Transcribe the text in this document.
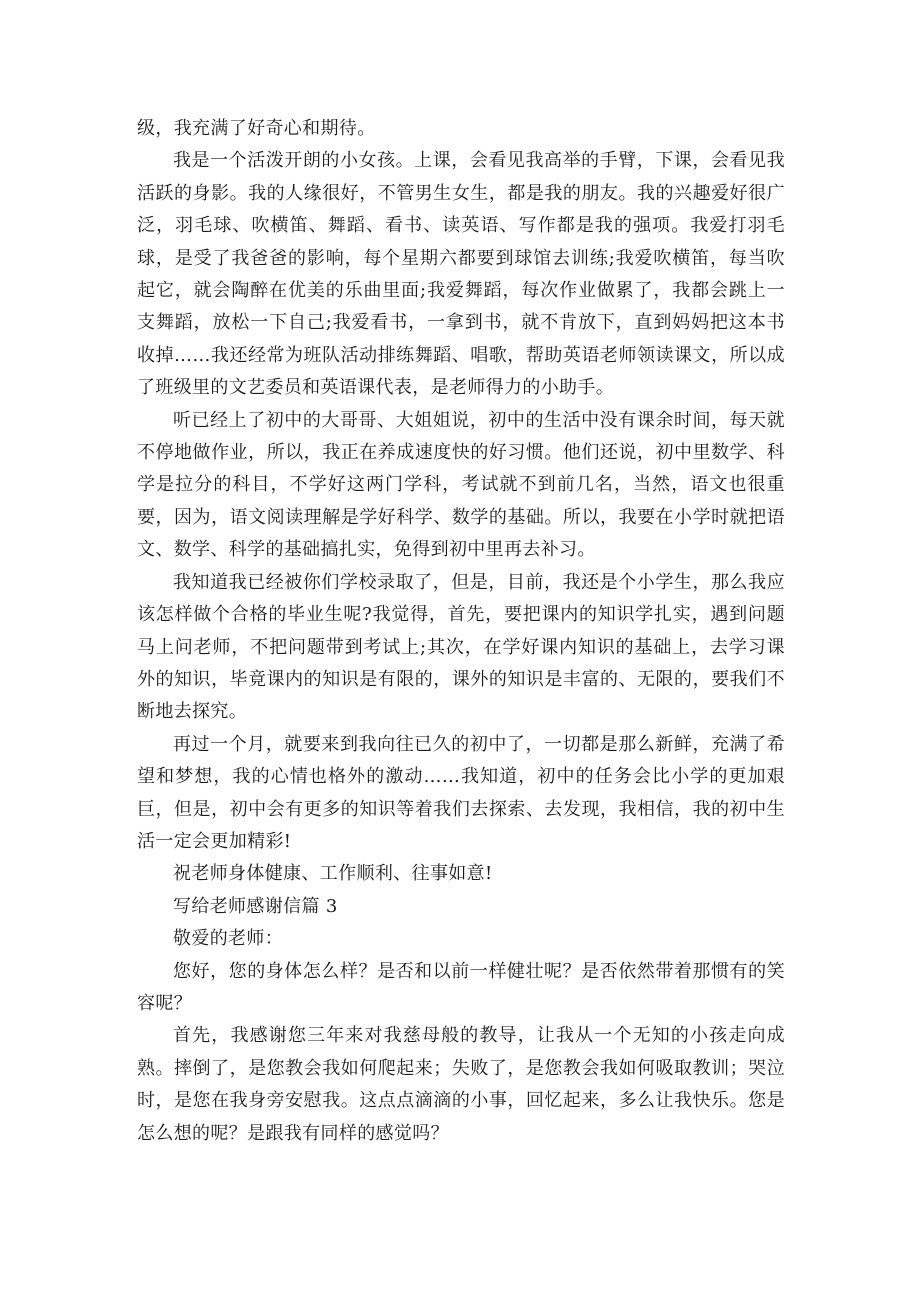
级，我充满了好奇心和期待。

我是一个活泼开朗的小女孩。上课，会看见我高举的手臂，下课，会看见我活跃的身影。我的人缘很好，不管男生女生，都是我的朋友。我的兴趣爱好很广泛，羽毛球、吹横笛、舞蹈、看书、读英语、写作都是我的强项。我爱打羽毛球，是受了我爸爸的影响，每个星期六都要到球馆去训练;我爱吹横笛，每当吹起它，就会陶醉在优美的乐曲里面;我爱舞蹈，每次作业做累了，我都会跳上一支舞蹈，放松一下自己;我爱看书，一拿到书，就不肯放下，直到妈妈把这本书收掉……我还经常为班队活动排练舞蹈、唱歌，帮助英语老师领读课文，所以成了班级里的文艺委员和英语课代表，是老师得力的小助手。

听已经上了初中的大哥哥、大姐姐说，初中的生活中没有课余时间，每天就不停地做作业，所以，我正在养成速度快的好习惯。他们还说，初中里数学、科学是拉分的科目，不学好这两门学科，考试就不到前几名，当然，语文也很重要，因为，语文阅读理解是学好科学、数学的基础。所以，我要在小学时就把语文、数学、科学的基础搞扎实，免得到初中里再去补习。

我知道我已经被你们学校录取了，但是，目前，我还是个小学生，那么我应该怎样做个合格的毕业生呢?我觉得，首先，要把课内的知识学扎实，遇到问题马上问老师，不把问题带到考试上;其次，在学好课内知识的基础上，去学习课外的知识，毕竟课内的知识是有限的，课外的知识是丰富的、无限的，要我们不断地去探究。

再过一个月，就要来到我向往已久的初中了，一切都是那么新鲜，充满了希望和梦想，我的心情也格外的激动……我知道，初中的任务会比小学的更加艰巨，但是，初中会有更多的知识等着我们去探索、去发现，我相信，我的初中生活一定会更加精彩!

祝老师身体健康、工作顺利、往事如意!

写给老师感谢信篇 3

敬爱的老师：

您好，您的身体怎么样？是否和以前一样健壮呢？是否依然带着那惯有的笑容呢？

首先，我感谢您三年来对我慈母般的教导，让我从一个无知的小孩走向成熟。摔倒了，是您教会我如何爬起来；失败了，是您教会我如何吸取教训；哭泣时，是您在我身旁安慰我。这点点滴滴的小事，回忆起来，多么让我快乐。您是怎么想的呢？是跟我有同样的感觉吗？
